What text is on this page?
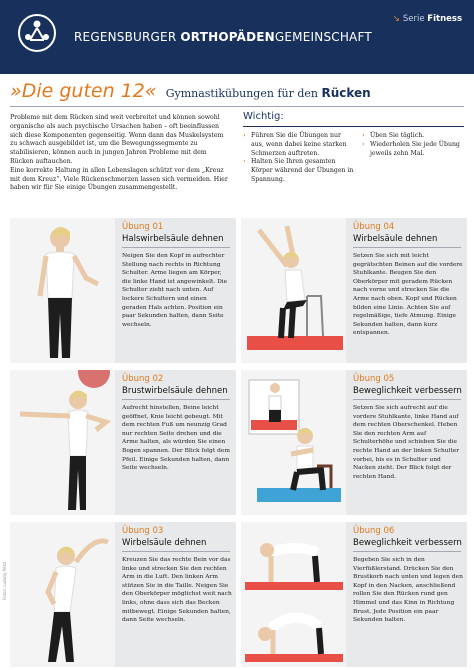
REGENSBURGER ORTHOPÄDENGEMEINSCHAFT
↘ Serie Fitness
»Die guten 12« Gymnastikübungen für den Rücken

Probleme mit dem Rücken sind weit verbreitet und können sowohl organische als auch psychische Ursachen haben – oft beeinflussen sich diese Komponenten gegenseitig. Wenn dann das Muskelsystem zu schwach ausgebildet ist, um die Bewegungssegmente zu stabilisieren, können auch in jungen Jahren Probleme mit dem Rücken auftauchen.

Eine korrekte Haltung in allen Lebenslagen schützt vor dem „Kreuz mit dem Kreuz“. Viele Rückenschmerzen lassen sich vermeiden. Hier haben wir für Sie einige Übungen zusammengestellt.

Wichtig:
› Führen Sie die Übungen nur aus, wenn dabei keine starken Schmerzen auftreten.
› Halten Sie Ihren gesamten Körper während der Übungen in Spannung.
› Üben Sie täglich.
› Wiederholen Sie jede Übung jeweils zehn Mal.
Übung 01
Halswirbelsäule dehnen
Neigen Sie den Kopf in aufrechter Stellung nach rechts in Richtung Schulter. Arme liegen am Körper, die linke Hand ist angewinkelt. Die Schulter zieht nach unten. Auf lockere Schultern und einen geraden Hals achten. Position ein paar Sekunden halten, dann Seite wechseln.
Übung 02
Brustwirbelsäule dehnen
Aufrecht hinstellen, Beine leicht geöffnet, Knie leicht gebeugt. Mit dem rechten Fuß um neunzig Grad nur rechten Seite drehen und die Arme halten, als würden Sie einen Bogen spannen. Der Blick folgt dem Pfeil. Einige Sekunden halten, dann Seite wechseln.
Übung 03
Wirbelsäule dehnen
Kreuzen Sie das rechte Bein vor das linke und strecken Sie den rechten Arm in die Luft. Den linken Arm stützen Sie in die Taille. Neigen Sie den Oberkörper möglichst weit nach links, ohne dass sich das Becken mitbewegt. Einige Sekunden halten, dann Seite wechseln.
Übung 04
Wirbelsäule dehnen
Setzen Sie sich mit leicht gegrätschten Beinen auf die vordere Stuhlkante. Beugen Sie den Oberkörper mit geradem Rücken nach vorne und strecken Sie die Arme nach oben. Kopf und Rücken bilden eine Linie. Achten Sie auf regelmäßige, tiefe Atmung. Einige Sekunden halten, dann kurz entspannen.
Übung 05
Beweglichkeit verbessern
Setzen Sie sich aufrecht auf die vordere Stuhlkante, linke Hand auf dem rechten Oberschenkel. Heben Sie den rechten Arm auf Schulterhöhe und schieben Sie die rechte Hand an der linken Schulter vorbei, bis es in Schulter und Nacken zieht. Der Blick folgt der rechten Hand.
Übung 06
Beweglichkeit verbessern
Begeben Sie sich in den Vierfüßlerstand. Drücken Sie den Brustkorb nach unten und legen den Kopf in den Nacken, anschließend rollen Sie den Rücken rund gen Himmel und das Kinn in Richtung Brust. Jede Position ein paar Sekunden halten.
Fotos: Ludwig Petzl
